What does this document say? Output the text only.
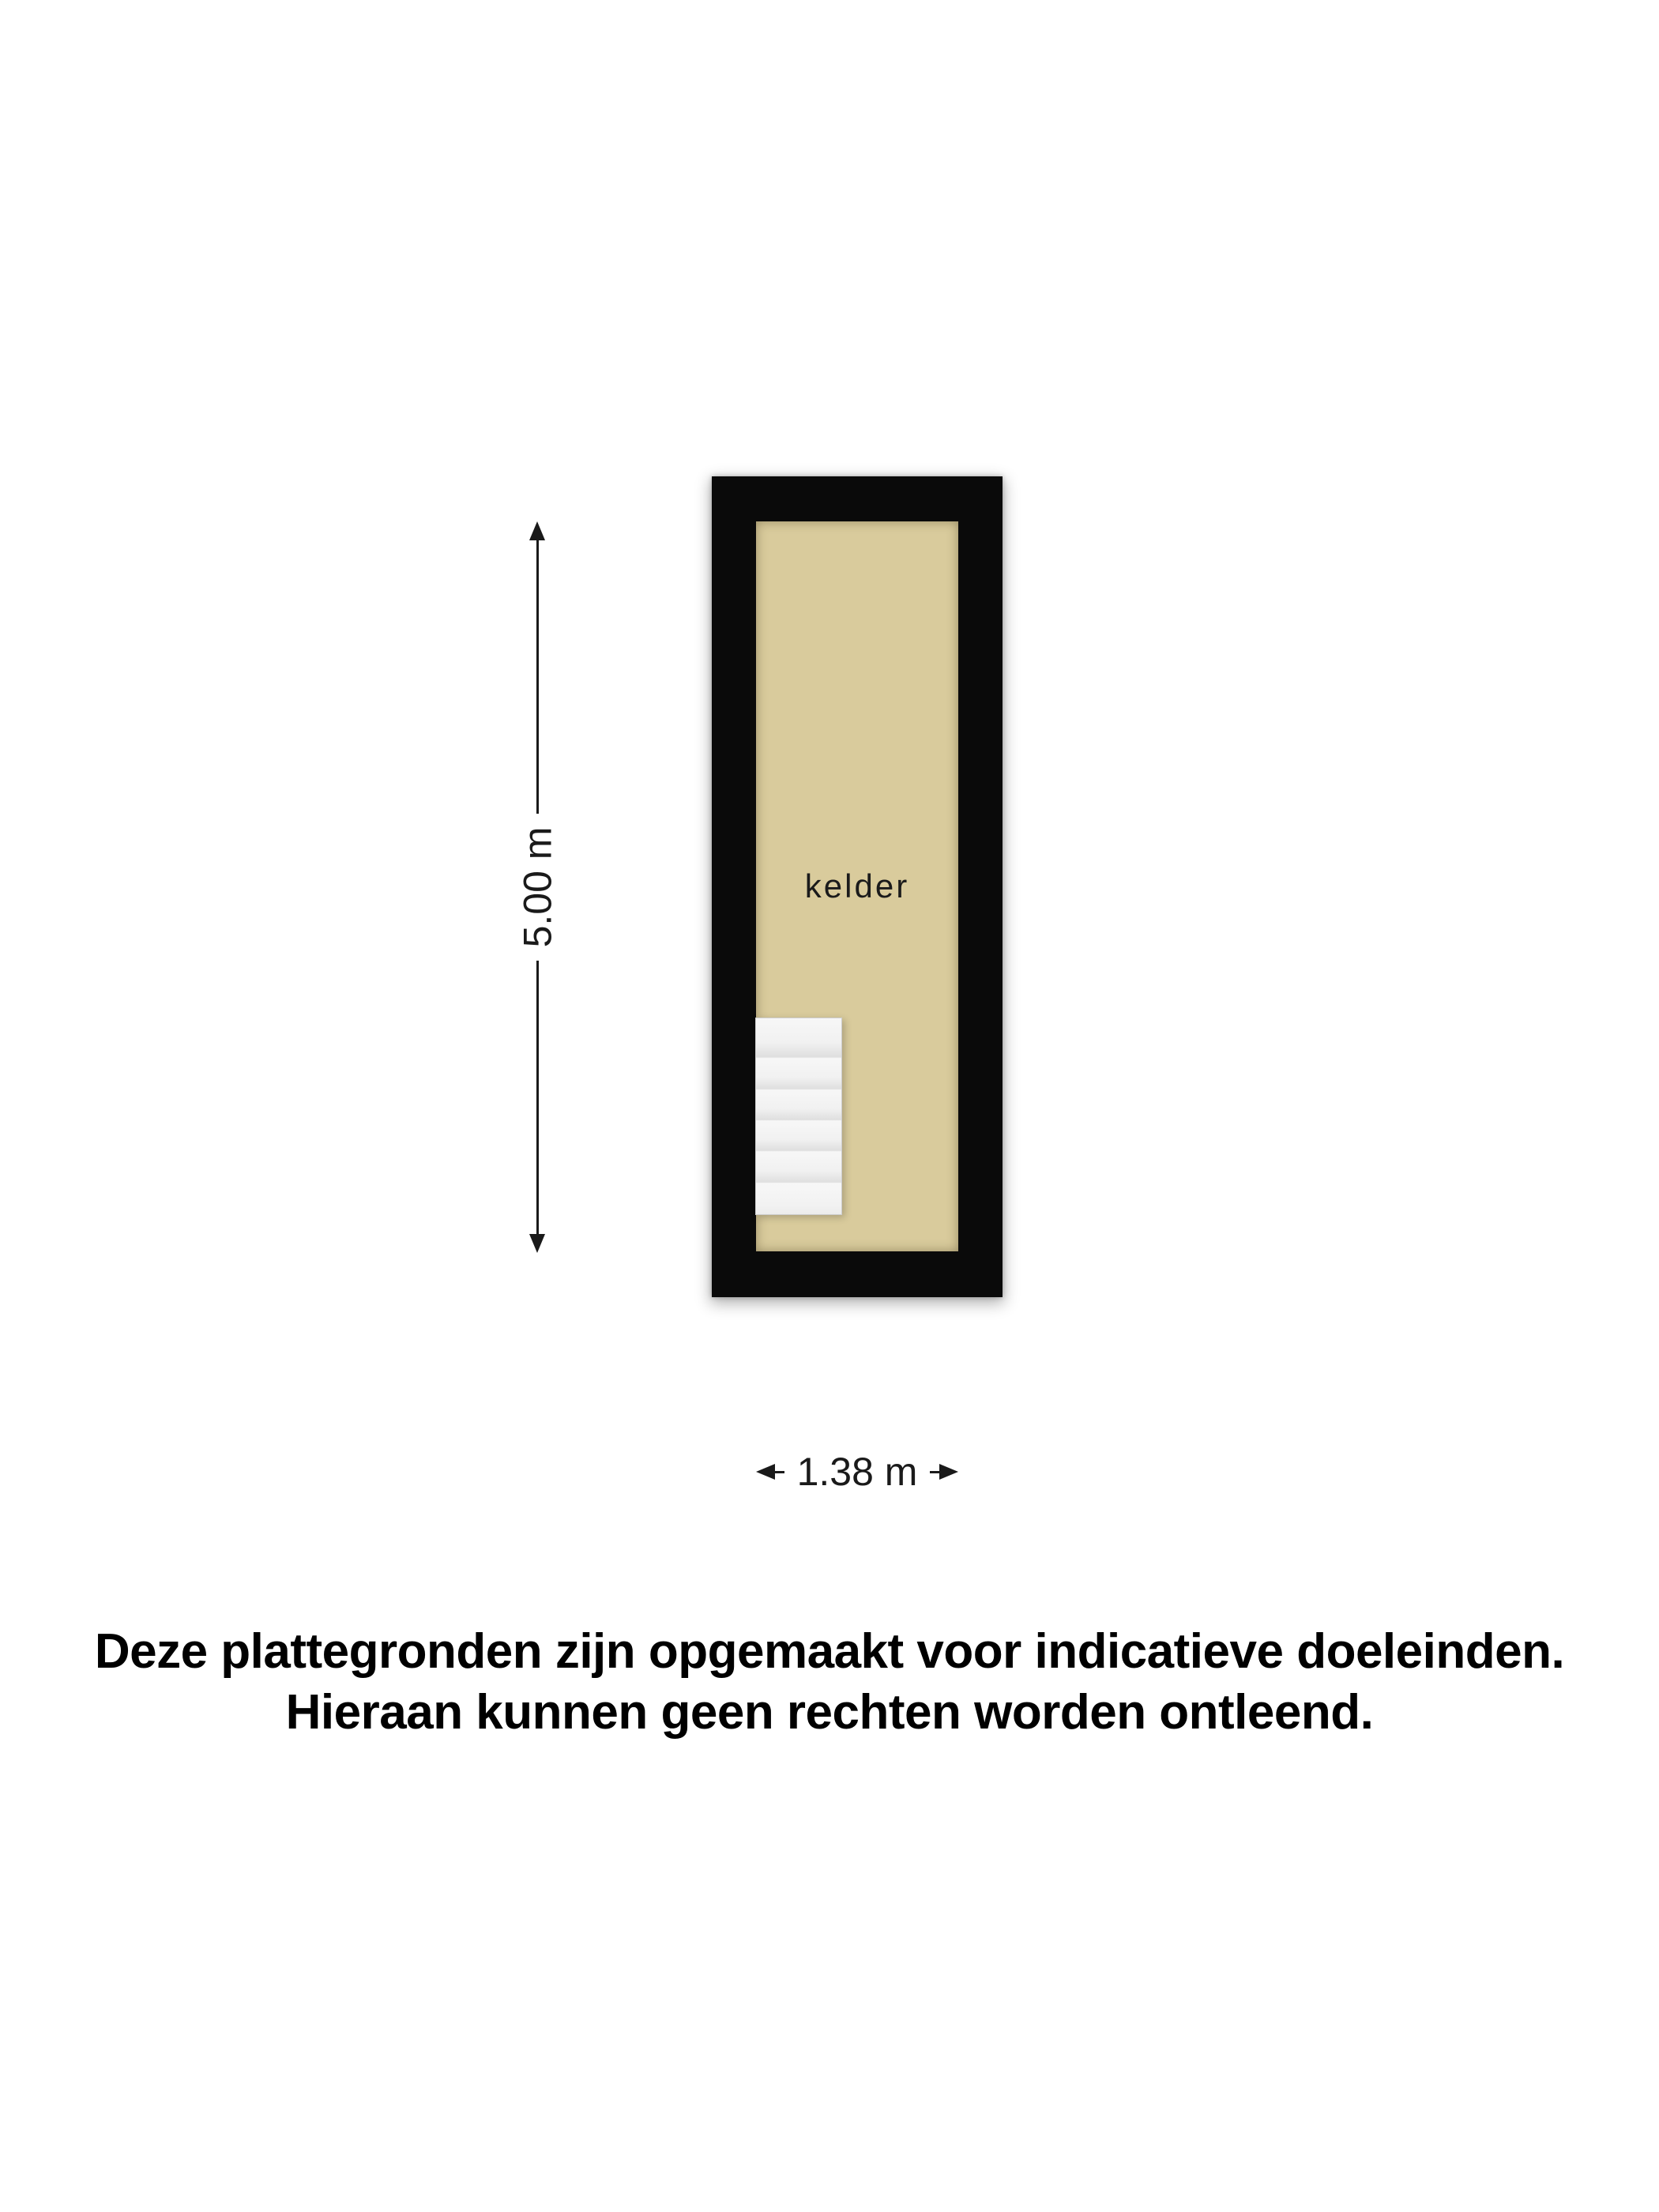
kelder
5.00 m
1.38 m
Deze plattegronden zijn opgemaakt voor indicatieve doeleinden.
Hieraan kunnen geen rechten worden ontleend.
